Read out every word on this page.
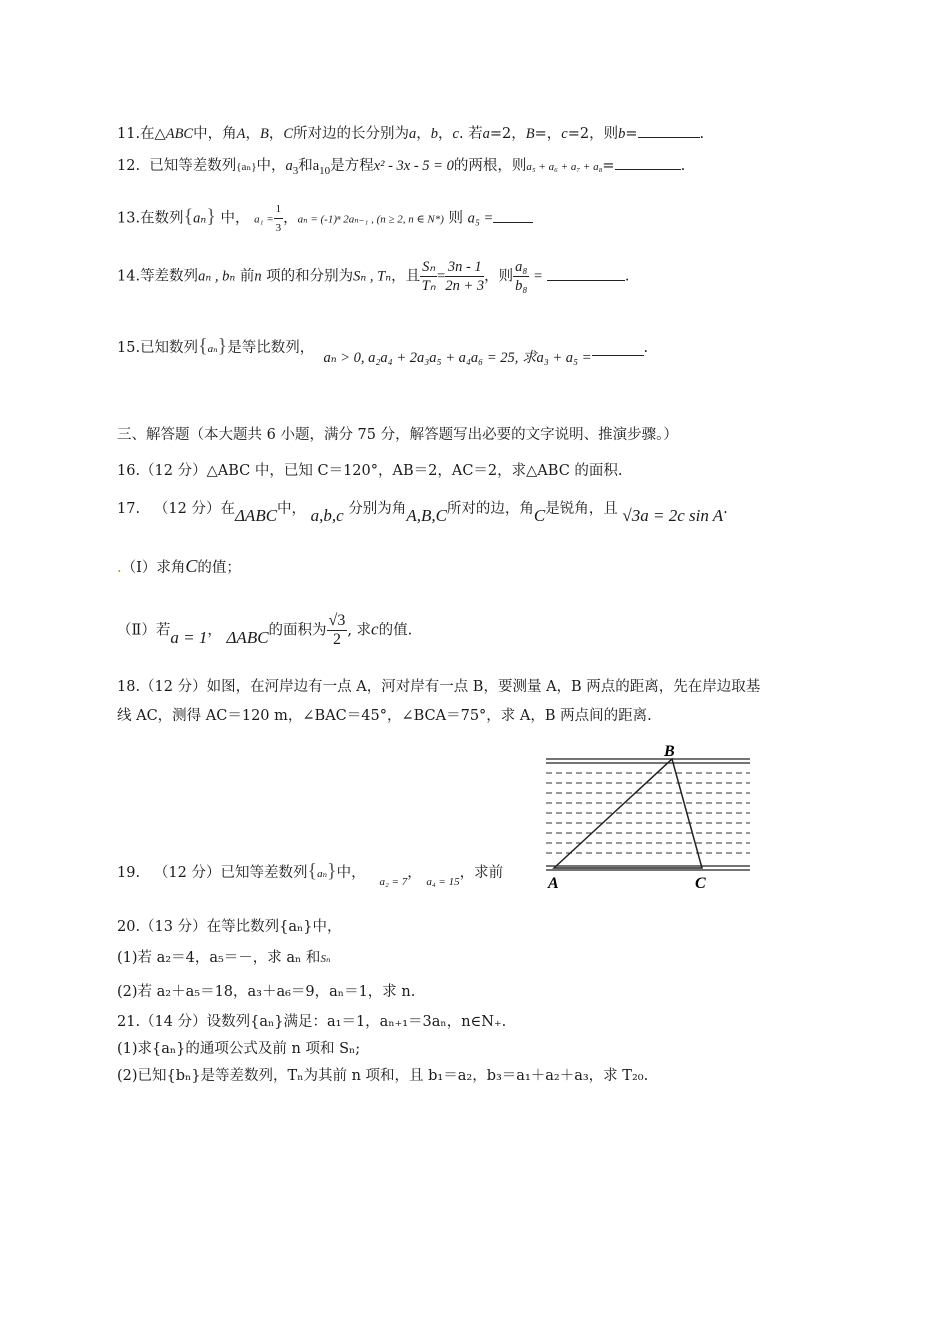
11.在△ABC中，角A，B，C所对边的长分别为a，b，c. 若a=2，B=，c=2，则b=	.
12. 已知等差数列{aₙ}中，$a_3$和$a_{10}$是方程x² - 3x - 5 = 0的两根，则a₅ + a₆ + a₇ + a₈=	.
13.在数列{aₙ} 中， $a_1 = \frac{1}{3}$ ，aₙ = (-1)ⁿ 2aₙ₋₁ , (n ≥ 2, n ∈ N*) 则 a₅ =
14.等差数列aₙ , bₙ 前n 项的和分别为Sₙ , Tₙ，且 $\frac{\text{Sₙ}}{\text{Tₙ}} = \frac{3n - 1}{2n + 3}$ ，则 $\frac{\text{a₈}}{\text{b₈}}$ =	.
15.已知数列{aₙ}是等比数列，  aₙ > 0, a₂a₄ + 2a₃a₅ + a₄a₆ = 25, 求a₃ + a₅ =.
三、解答题（本大题共 6 小题，满分 75 分，解答题写出必要的文字说明、推演步骤。）
16.（12 分）△ABC 中，已知 C＝120°，AB＝2，AC＝2，求△ABC 的面积.
17. （12 分）在ΔABC中， a,b,c 分别为角A,B,C所对的边，角C是锐角，且 √3a = 2c sin A.
.（Ⅰ）求角C的值；
（Ⅱ）若a = 1， ΔABC的面积为 $\frac{√3}{2}$ , 求c的值.
18.（12 分）如图，在河岸边有一点 A，河对岸有一点 B，要测量 A，B 两点的距离，先在岸边取基
线 AC，测得 AC＝120 m，∠BAC＝45°，∠BCA＝75°，求 A，B 两点间的距离.
B
A	C
19. （12 分）已知等差数列{aₙ}中，   $_{a_2 = 7}$， $_{a_4 = 15}$，求前
20.（13 分）在等比数列{aₙ}中，
(1)若 a₂＝4，a₅＝－，求 aₙ 和Sₙ
(2)若 a₂＋a₅＝18，a₃＋a₆＝9，aₙ＝1，求 n.
21.（14 分）设数列{aₙ}满足：a₁＝1，aₙ₊₁＝3aₙ，n∈N₊.
(1)求{aₙ}的通项公式及前 n 项和 Sₙ;
(2)已知{bₙ}是等差数列，Tₙ为其前 n 项和，且 b₁＝a₂，b₃＝a₁＋a₂＋a₃，求 T₂₀.
